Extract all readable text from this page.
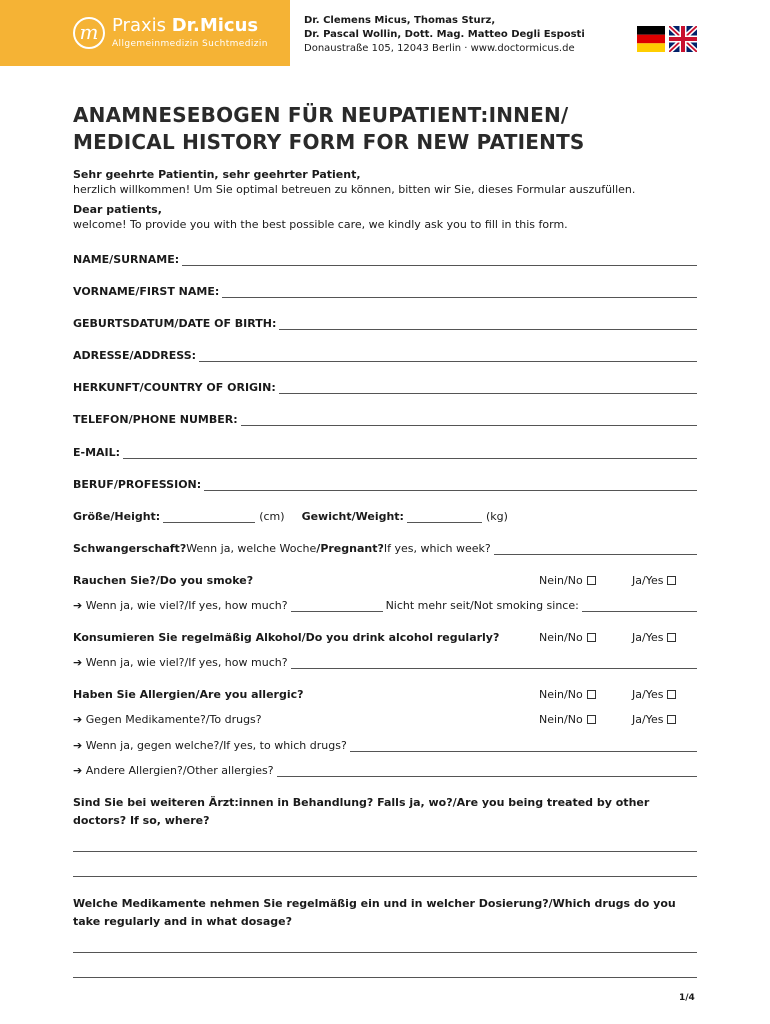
m Praxis Dr.Micus
Allgemeinmedizin Suchtmedizin
Dr. Clemens Micus, Thomas Sturz,
Dr. Pascal Wollin, Dott. Mag. Matteo Degli Esposti
Donaustraße 105, 12043 Berlin · www.doctormicus.de
ANAMNESEBOGEN FÜR NEUPATIENT:INNEN/
MEDICAL HISTORY FORM FOR NEW PATIENTS
Sehr geehrte Patientin, sehr geehrter Patient,
herzlich willkommen! Um Sie optimal betreuen zu können, bitten wir Sie, dieses Formular auszufüllen.
Dear patients,
welcome! To provide you with the best possible care, we kindly ask you to fill in this form.
NAME/SURNAME:
VORNAME/FIRST NAME:
GEBURTSDATUM/DATE OF BIRTH:
ADRESSE/ADDRESS:
HERKUNFT/COUNTRY OF ORIGIN:
TELEFON/PHONE NUMBER:
E-MAIL:
BERUF/PROFESSION:
Größe/Height:	(cm) Gewicht/Weight:	(kg)
Schwangerschaft? Wenn ja, welche Woche /Pregnant? If yes, which week?
Rauchen Sie?/Do you smoke?	Nein/No	Ja/Yes
➔ Wenn ja, wie viel?/If yes, how much?	Nicht mehr seit/Not smoking since:
Konsumieren Sie regelmäßig Alkohol/Do you drink alcohol regularly?	Nein/No	Ja/Yes
➔ Wenn ja, wie viel?/If yes, how much?
Haben Sie Allergien/Are you allergic?	Nein/No	Ja/Yes
➔ Gegen Medikamente?/To drugs?	Nein/No	Ja/Yes
➔ Wenn ja, gegen welche?/If yes, to which drugs?
➔ Andere Allergien?/Other allergies?
Sind Sie bei weiteren Ärzt:innen in Behandlung? Falls ja, wo?/Are you being treated by other doctors? If so, where?
Welche Medikamente nehmen Sie regelmäßig ein und in welcher Dosierung?/Which drugs do you take regularly and in what dosage?
1/4
